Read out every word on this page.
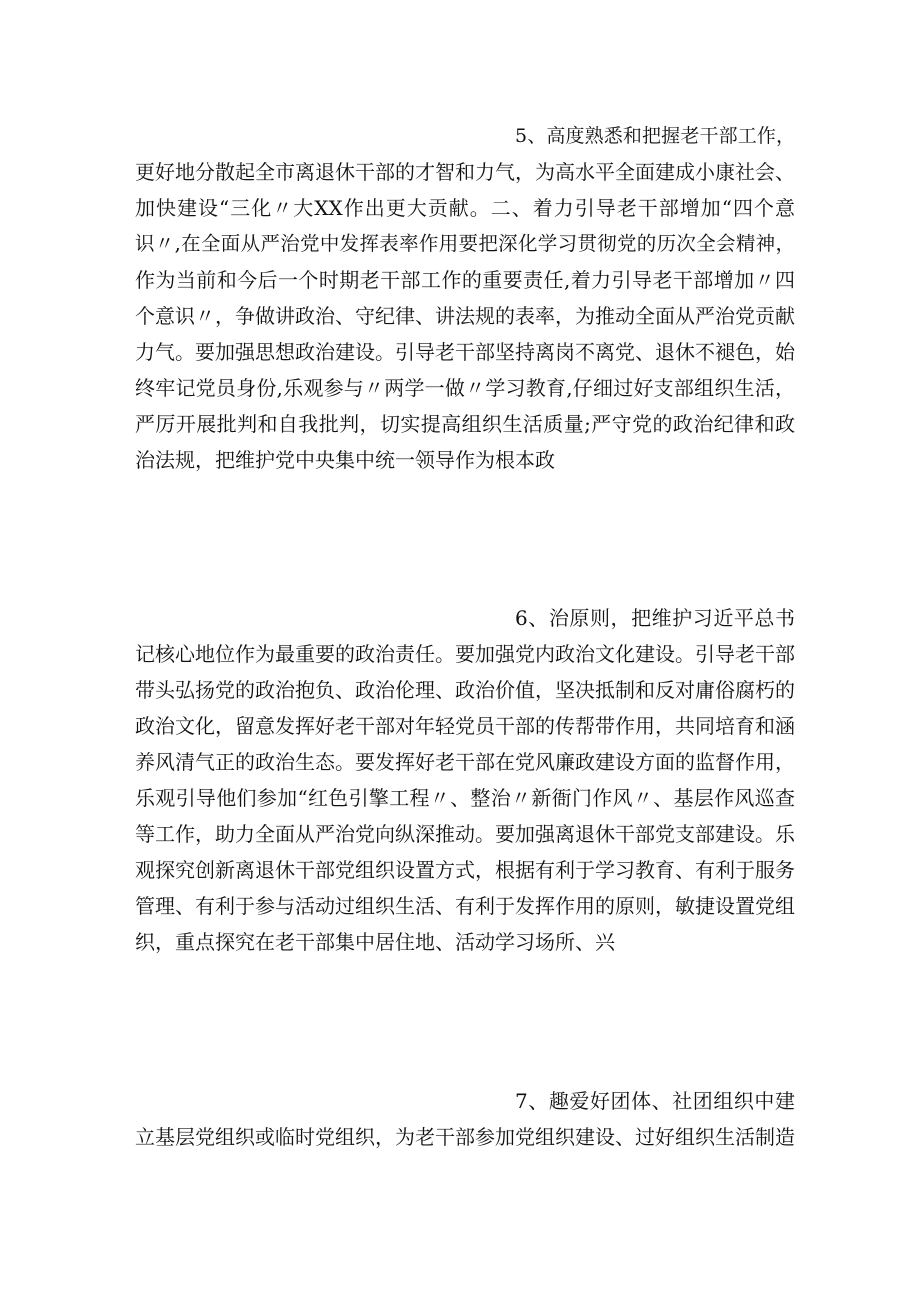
5、高度熟悉和把握老干部工作，
更好地分散起全市离退休干部的才智和力气，为高水平全面建成小康社会、
加快建设“三化〃大XX作出更大贡献。二、着力引导老干部增加“四个意
识〃,在全面从严治党中发挥表率作用要把深化学习贯彻党的历次全会精神，
作为当前和今后一个时期老干部工作的重要责任,着力引导老干部增加〃四
个意识〃，争做讲政治、守纪律、讲法规的表率，为推动全面从严治党贡献
力气。要加强思想政治建设。引导老干部坚持离岗不离党、退休不褪色，始
终牢记党员身份,乐观参与〃两学一做〃学习教育,仔细过好支部组织生活，
严厉开展批判和自我批判，切实提高组织生活质量;严守党的政治纪律和政
治法规，把维护党中央集中统一领导作为根本政
6、治原则，把维护习近平总书
记核心地位作为最重要的政治责任。要加强党内政治文化建设。引导老干部
带头弘扬党的政治抱负、政治伦理、政治价值，坚决抵制和反对庸俗腐朽的
政治文化，留意发挥好老干部对年轻党员干部的传帮带作用，共同培育和涵
养风清气正的政治生态。要发挥好老干部在党风廉政建设方面的监督作用，
乐观引导他们参加“红色引擎工程〃、整治〃新衙门作风〃、基层作风巡查
等工作，助力全面从严治党向纵深推动。要加强离退休干部党支部建设。乐
观探究创新离退休干部党组织设置方式，根据有利于学习教育、有利于服务
管理、有利于参与活动过组织生活、有利于发挥作用的原则，敏捷设置党组
织，重点探究在老干部集中居住地、活动学习场所、兴
7、趣爱好团体、社团组织中建
立基层党组织或临时党组织，为老干部参加党组织建设、过好组织生活制造
